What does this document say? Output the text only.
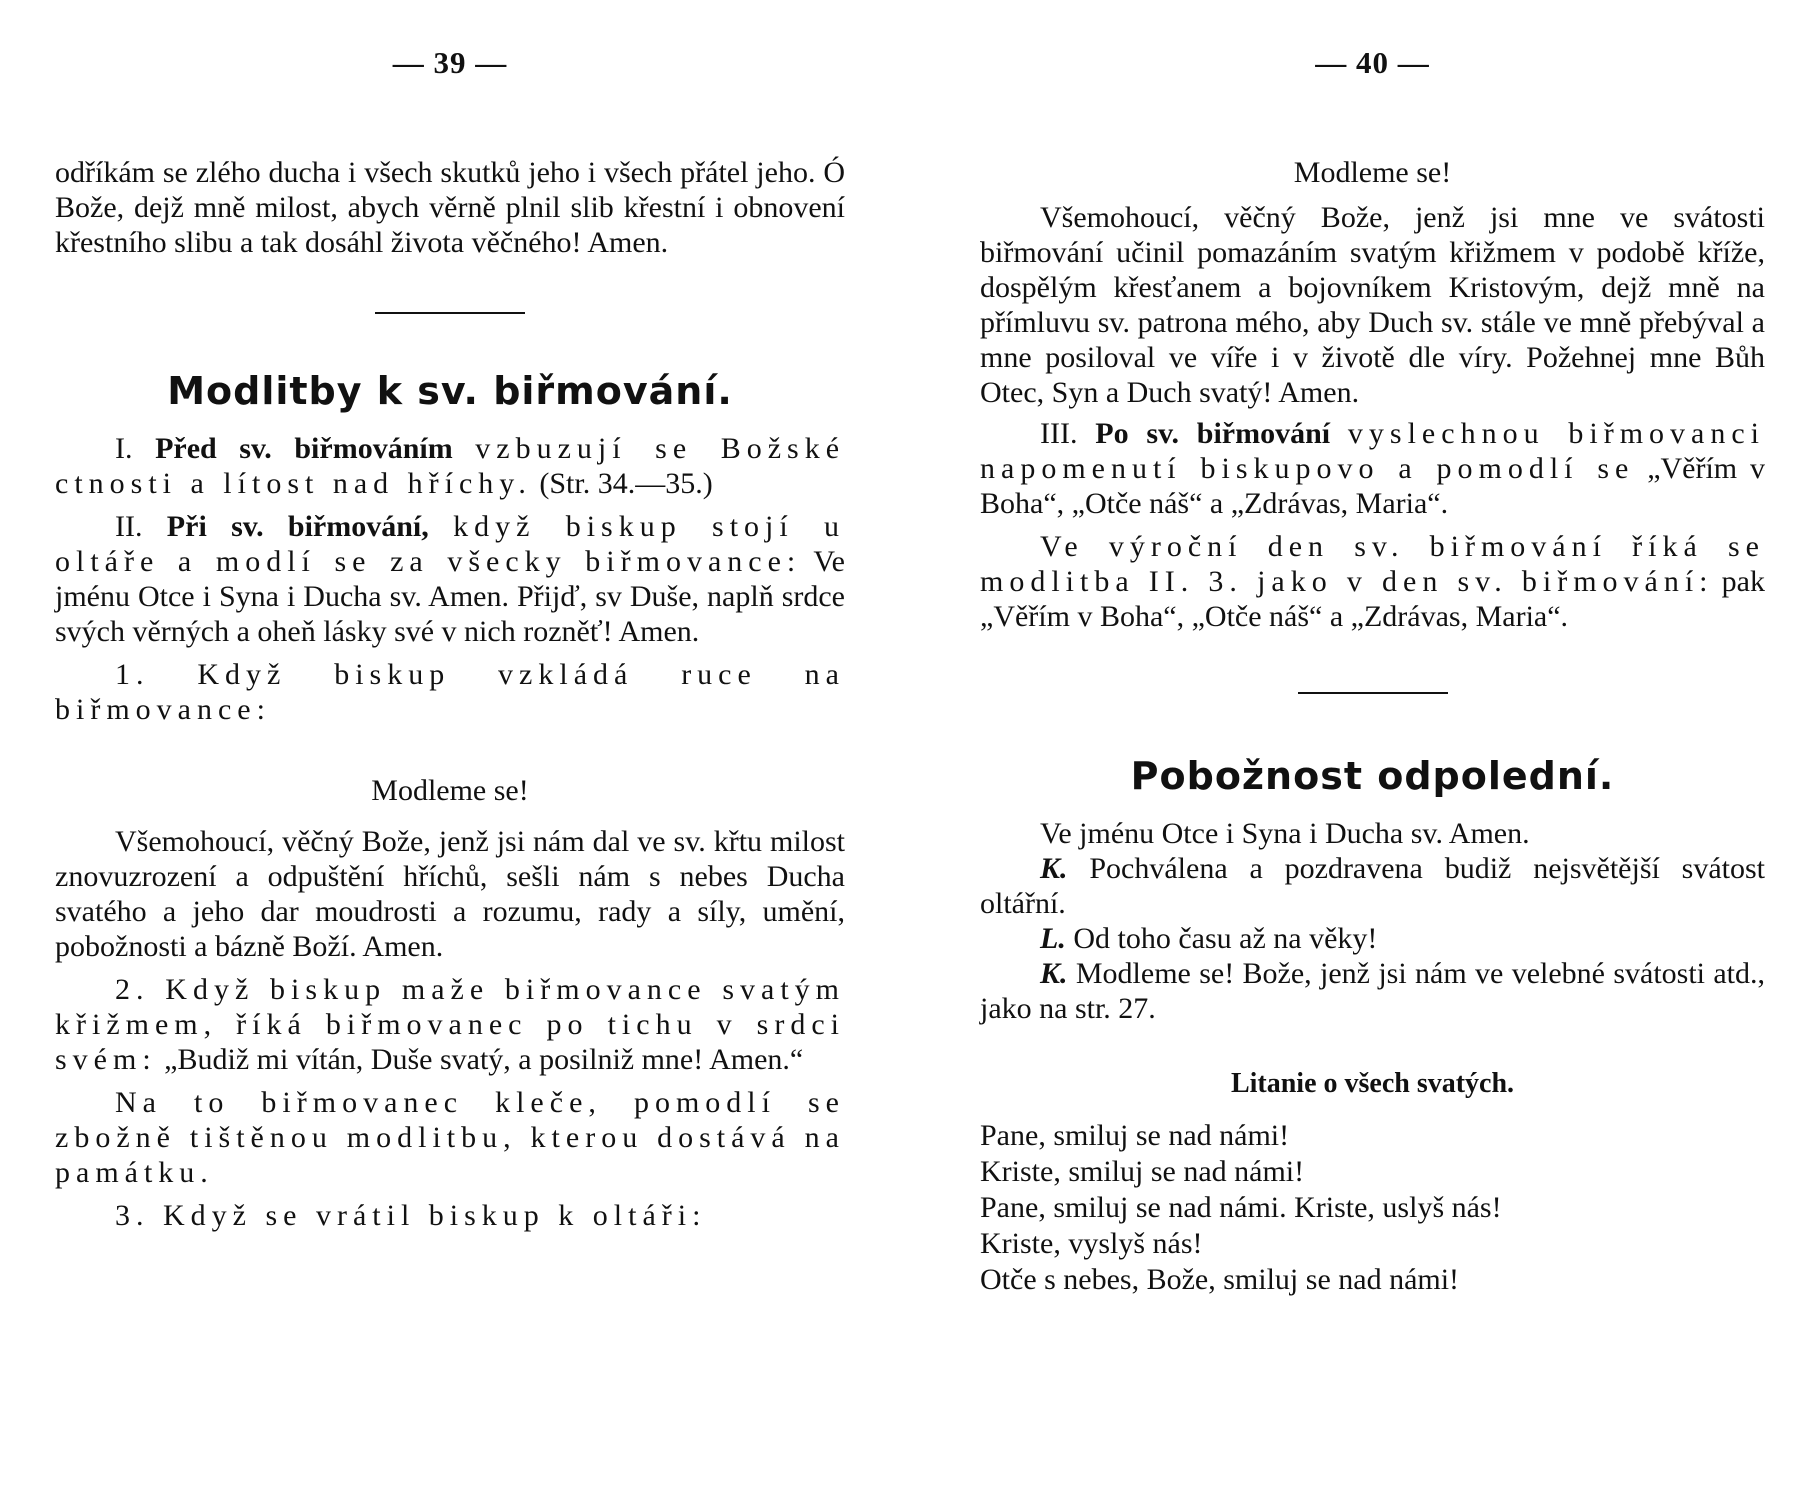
— 39 —

odříkám se zlého ducha i všech skutků jeho i všech přátel jeho. Ó Bože, dejž mně milost, abych věrně plnil slib křestní i obnovení křestního slibu a tak dosáhl života věčného! Amen.

Modlitby k sv. biřmování.

I. Před sv. biřmováním vzbuzují se Božské ctnosti a lítost nad hříchy. (Str. 34.—35.)

II. Při sv. biřmování, když biskup stojí u oltáře a modlí se za všecky biřmovance: Ve jménu Otce i Syna i Ducha sv. Amen. Přijď, sv Duše, naplň srdce svých věrných a oheň lásky své v nich rozněť! Amen.

1. Když biskup vzkládá ruce na biřmovance:

Modleme se!

Všemohoucí, věčný Bože, jenž jsi nám dal ve sv. křtu milost znovuzrození a odpuštění hříchů, sešli nám s nebes Ducha svatého a jeho dar moudrosti a rozumu, rady a síly, umění, pobožnosti a bázně Boží. Amen.

2. Když biskup maže biřmovance svatým křižmem, říká biřmovanec po tichu v srdci svém: „Budiž mi vítán, Duše svatý, a posilniž mne! Amen.“

Na to biřmovanec kleče, pomodlí se zbožně tištěnou modlitbu, kterou dostává na památku.

3. Když se vrátil biskup k oltáři:

— 40 —

Modleme se!

Všemohoucí, věčný Bože, jenž jsi mne ve svátosti biřmování učinil pomazáním svatým křižmem v podobě kříže, dospělým křesťanem a bojovníkem Kristovým, dejž mně na přímluvu sv. patrona mého, aby Duch sv. stále ve mně přebýval a mne posiloval ve víře i v životě dle víry. Požehnej mne Bůh Otec, Syn a Duch svatý! Amen.

III. Po sv. biřmování vyslechnou biřmovanci napomenutí biskupovo a pomodlí se „Věřím v Boha“, „Otče náš“ a „Zdrávas, Maria“.

Ve výroční den sv. biřmování říká se modlitba II. 3. jako v den sv. biřmování: pak „Věřím v Boha“, „Otče náš“ a „Zdrávas, Maria“.

Pobožnost odpolední.

Ve jménu Otce i Syna i Ducha sv. Amen.

K. Pochválena a pozdravena budiž nejsvětější svátost oltářní.

L. Od toho času až na věky!

K. Modleme se! Bože, jenž jsi nám ve velebné svátosti atd., jako na str. 27.

Litanie o všech svatých.
Pane, smiluj se nad námi!
Kriste, smiluj se nad námi!
Pane, smiluj se nad námi. Kriste, uslyš nás!
Kriste, vyslyš nás!
Otče s nebes, Bože, smiluj se nad námi!
